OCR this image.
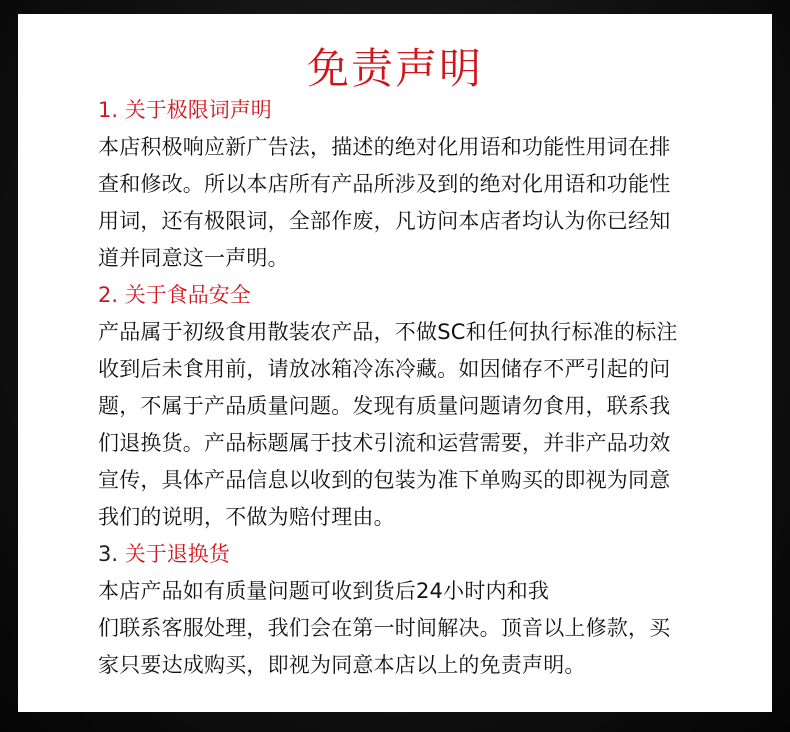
免责声明
1. 关于极限词声明
本店积极响应新广告法，描述的绝对化用语和功能性用词在排
查和修改。所以本店所有产品所涉及到的绝对化用语和功能性
用词，还有极限词，全部作废，凡访问本店者均认为你已经知
道并同意这一声明。
2. 关于食品安全
产品属于初级食用散装农产品，不做SC和任何执行标准的标注
收到后未食用前，请放冰箱冷冻冷藏。如因储存不严引起的问
题，不属于产品质量问题。发现有质量问题请勿食用，联系我
们退换货。产品标题属于技术引流和运营需要，并非产品功效
宣传，具体产品信息以收到的包装为准下单购买的即视为同意
我们的说明，不做为赔付理由。
3. 关于退换货
本店产品如有质量问题可收到货后24小时内和我
们联系客服处理，我们会在第一时间解决。顶音以上修款，买
家只要达成购买，即视为同意本店以上的免责声明。
